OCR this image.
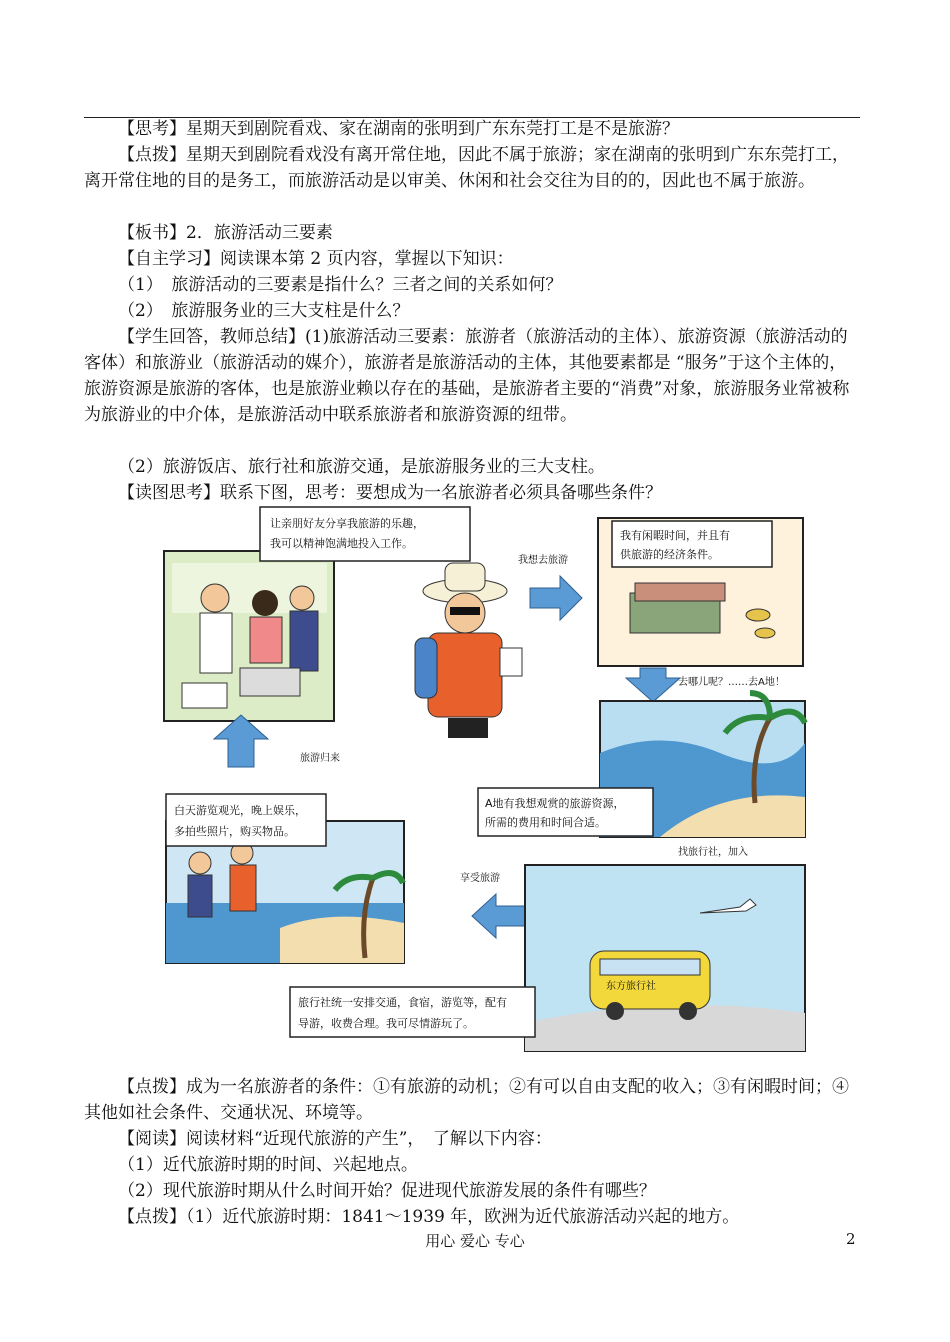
【思考】星期天到剧院看戏、家在湖南的张明到广东东莞打工是不是旅游？

【点拨】星期天到剧院看戏没有离开常住地，因此不属于旅游；家在湖南的张明到广东东莞打工，离开常住地的目的是务工，而旅游活动是以审美、休闲和社会交往为目的的，因此也不属于旅游。

【板书】2．旅游活动三要素

【自主学习】阅读课本第 2 页内容，掌握以下知识：

（1）　旅游活动的三要素是指什么？三者之间的关系如何？

（2）　旅游服务业的三大支柱是什么？

【学生回答，教师总结】(1)旅游活动三要素：旅游者（旅游活动的主体）、旅游资源（旅游活动的客体）和旅游业（旅游活动的媒介），旅游者是旅游活动的主体，其他要素都是 “服务”于这个主体的，旅游资源是旅游的客体，也是旅游业赖以存在的基础，是旅游者主要的“消费”对象，旅游服务业常被称为旅游业的中介体，是旅游活动中联系旅游者和旅游资源的纽带。

（2）旅游饭店、旅行社和旅游交通，是旅游服务业的三大支柱。

【读图思考】联系下图，思考：要想成为一名旅游者必须具备哪些条件？

让亲朋好友分享我旅游的乐趣，
我可以精神饱满地投入工作。
我想去旅游
我有闲暇时间，并且有
供旅游的经济条件。
去哪儿呢？……去A地！
A地有我想观赏的旅游资源，
所需的费用和时间合适。
找旅行社，加入
旅游归来
白天游览观光，晚上娱乐，
多拍些照片，购买物品。
享受旅游
东方旅行社
旅行社统一安排交通，食宿，游览等，配有
导游，收费合理。我可尽情游玩了。

【点拨】成为一名旅游者的条件：①有旅游的动机；②有可以自由支配的收入；③有闲暇时间；④其他如社会条件、交通状况、环境等。

【阅读】阅读材料“近现代旅游的产生”，　了解以下内容：

（1）近代旅游时期的时间、兴起地点。

（2）现代旅游时期从什么时间开始？促进现代旅游发展的条件有哪些？

【点拨】（1）近代旅游时期：1841～1939 年，欧洲为近代旅游活动兴起的地方。

用心 爱心 专心	2
